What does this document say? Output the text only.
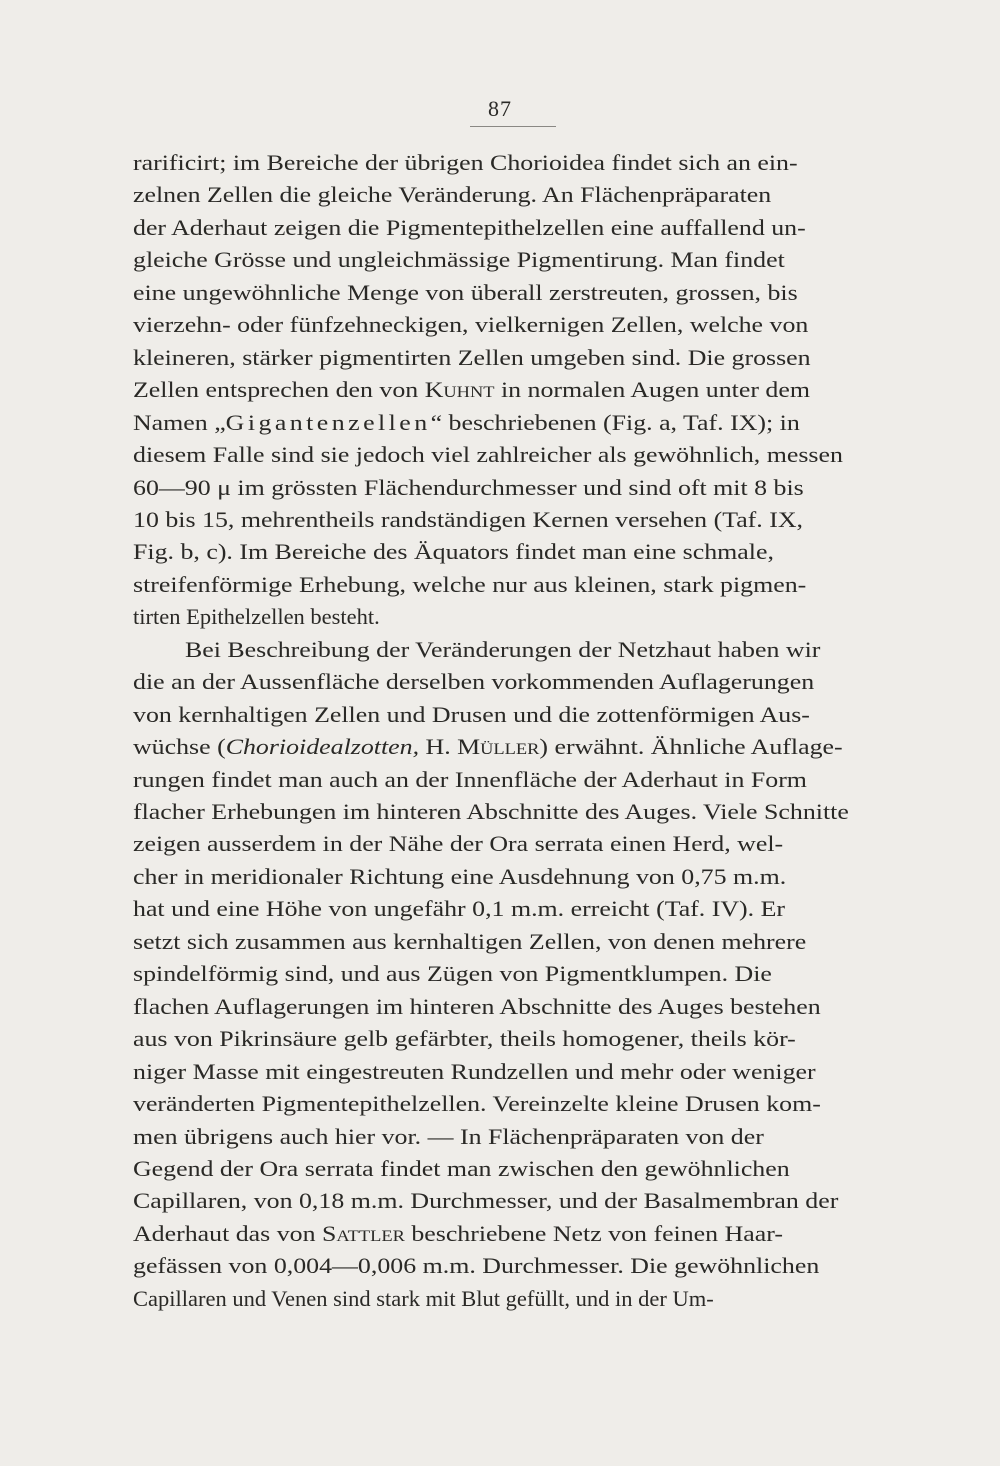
87
rarificirt; im Bereiche der übrigen Chorioidea findet sich an ein-
zelnen Zellen die gleiche Veränderung. An Flächenpräparaten
der Aderhaut zeigen die Pigmentepithelzellen eine auffallend un-
gleiche Grösse und ungleichmässige Pigmentirung. Man findet
eine ungewöhnliche Menge von überall zerstreuten, grossen, bis
vierzehn- oder fünfzehneckigen, vielkernigen Zellen, welche von
kleineren, stärker pigmentirten Zellen umgeben sind. Die grossen
Zellen entsprechen den von Kuhnt in normalen Augen unter dem
Namen „Gigantenzellen“ beschriebenen (Fig. a, Taf. IX); in
diesem Falle sind sie jedoch viel zahlreicher als gewöhnlich, messen
60—90 μ im grössten Flächendurchmesser und sind oft mit 8 bis
10 bis 15, mehrentheils randständigen Kernen versehen (Taf. IX,
Fig. b, c). Im Bereiche des Äquators findet man eine schmale,
streifenförmige Erhebung, welche nur aus kleinen, stark pigmen-
tirten Epithelzellen besteht.
Bei Beschreibung der Veränderungen der Netzhaut haben wir
die an der Aussenfläche derselben vorkommenden Auflagerungen
von kernhaltigen Zellen und Drusen und die zottenförmigen Aus-
wüchse (Chorioidealzotten, H. Müller) erwähnt. Ähnliche Auflage-
rungen findet man auch an der Innenfläche der Aderhaut in Form
flacher Erhebungen im hinteren Abschnitte des Auges. Viele Schnitte
zeigen ausserdem in der Nähe der Ora serrata einen Herd, wel-
cher in meridionaler Richtung eine Ausdehnung von 0,75 m.m.
hat und eine Höhe von ungefähr 0,1 m.m. erreicht (Taf. IV). Er
setzt sich zusammen aus kernhaltigen Zellen, von denen mehrere
spindelförmig sind, und aus Zügen von Pigmentklumpen. Die
flachen Auflagerungen im hinteren Abschnitte des Auges bestehen
aus von Pikrinsäure gelb gefärbter, theils homogener, theils kör-
niger Masse mit eingestreuten Rundzellen und mehr oder weniger
veränderten Pigmentepithelzellen. Vereinzelte kleine Drusen kom-
men übrigens auch hier vor. — In Flächenpräparaten von der
Gegend der Ora serrata findet man zwischen den gewöhnlichen
Capillaren, von 0,18 m.m. Durchmesser, und der Basalmembran der
Aderhaut das von Sattler beschriebene Netz von feinen Haar-
gefässen von 0,004—0,006 m.m. Durchmesser. Die gewöhnlichen
Capillaren und Venen sind stark mit Blut gefüllt, und in der Um-
